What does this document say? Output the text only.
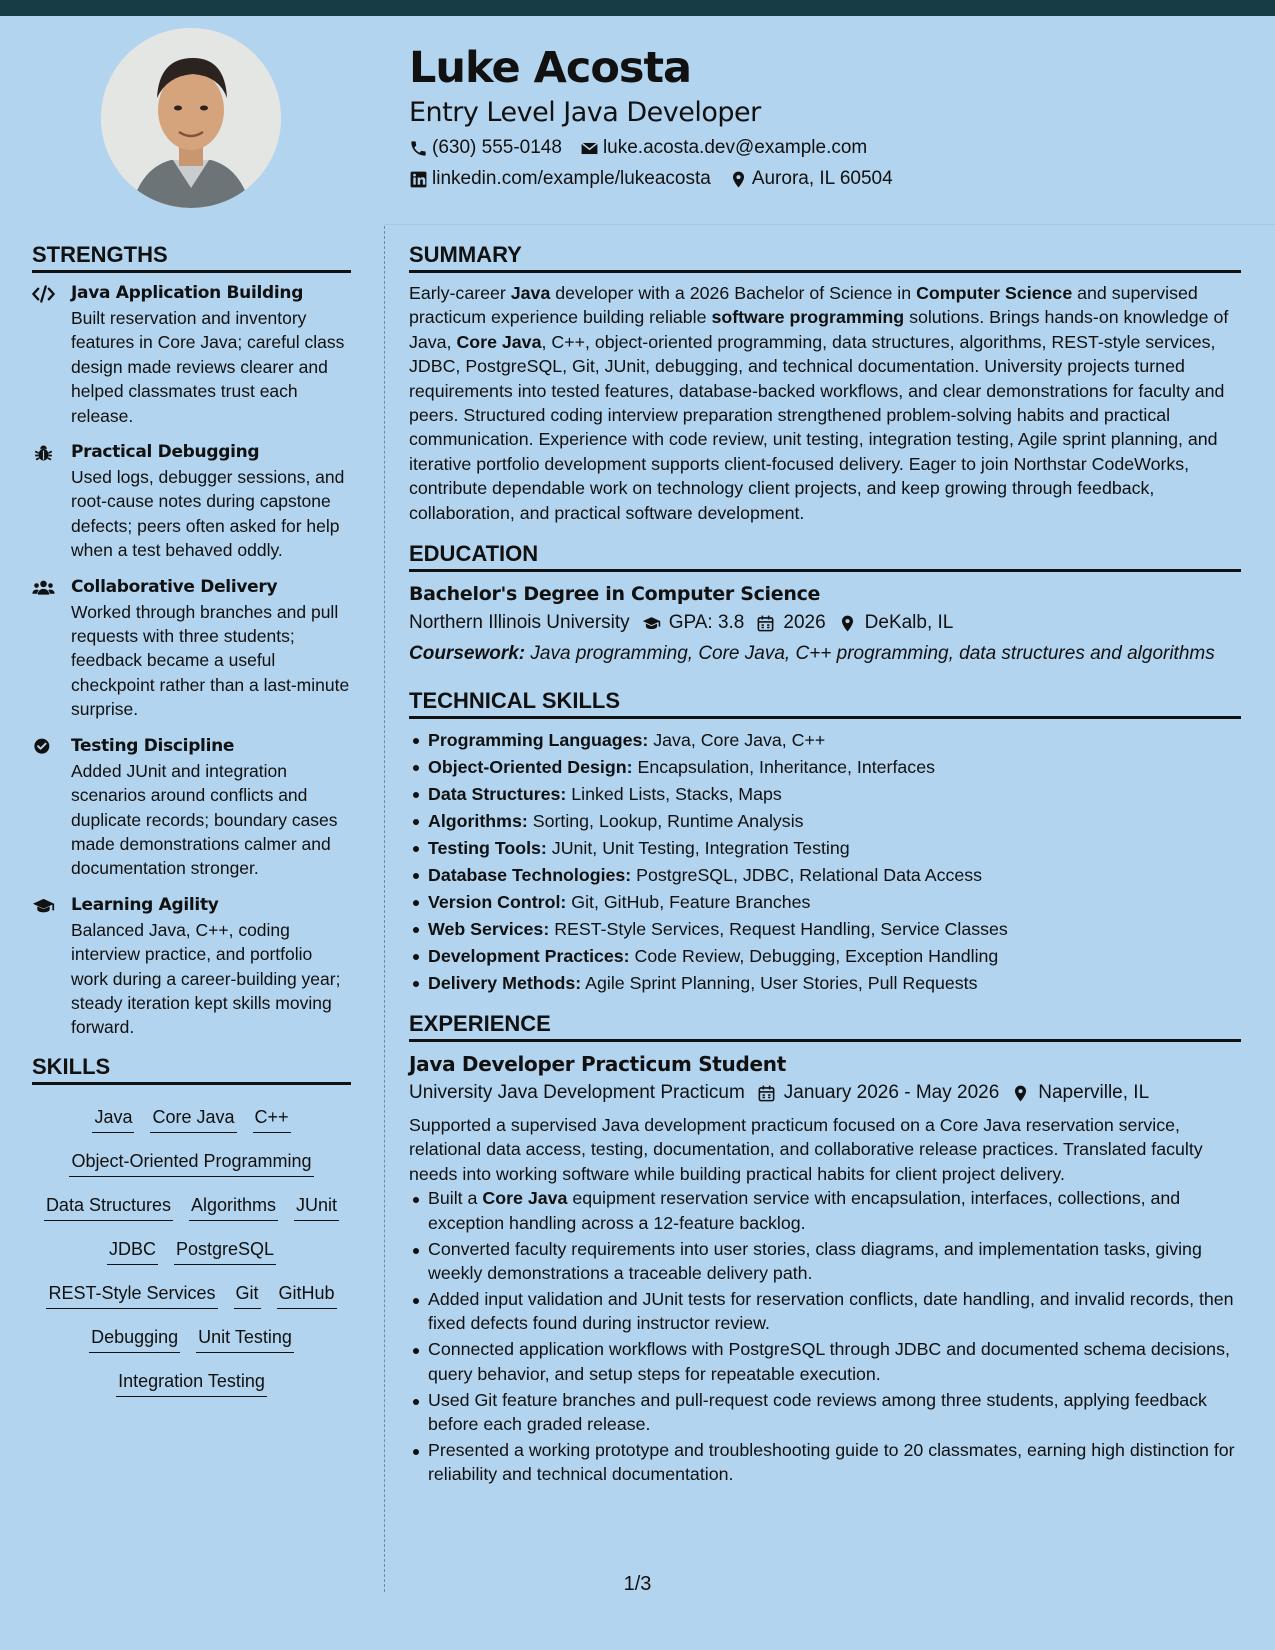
Luke Acosta
Entry Level Java Developer
(630) 555-0148 luke.acosta.dev@example.com
linkedin.com/example/lukeacosta Aurora, IL 60504
STRENGTHS
Java Application Building
Built reservation and inventory features in Core Java; careful class design made reviews clearer and helped classmates trust each release.
Practical Debugging
Used logs, debugger sessions, and root-cause notes during capstone defects; peers often asked for help when a test behaved oddly.
Collaborative Delivery
Worked through branches and pull requests with three students; feedback became a useful checkpoint rather than a last-minute surprise.
Testing Discipline
Added JUnit and integration scenarios around conflicts and duplicate records; boundary cases made demonstrations calmer and documentation stronger.
Learning Agility
Balanced Java, C++, coding interview practice, and portfolio work during a career-building year; steady iteration kept skills moving forward.
SKILLS
Java Core Java C++
Object-Oriented Programming
Data Structures Algorithms JUnit
JDBC PostgreSQL
REST-Style Services Git GitHub
Debugging Unit Testing
Integration Testing
SUMMARY
Early-career Java developer with a 2026 Bachelor of Science in Computer Science and supervised practicum experience building reliable software programming solutions. Brings hands-on knowledge of Java, Core Java, C++, object-oriented programming, data structures, algorithms, REST-style services, JDBC, PostgreSQL, Git, JUnit, debugging, and technical documentation. University projects turned requirements into tested features, database-backed workflows, and clear demonstrations for faculty and peers. Structured coding interview preparation strengthened problem-solving habits and practical communication. Experience with code review, unit testing, integration testing, Agile sprint planning, and iterative portfolio development supports client-focused delivery. Eager to join Northstar CodeWorks, contribute dependable work on technology client projects, and keep growing through feedback, collaboration, and practical software development.
EDUCATION
Bachelor's Degree in Computer Science
Northern Illinois University GPA: 3.8 2026 DeKalb, IL
Coursework: Java programming, Core Java, C++ programming, data structures and algorithms
TECHNICAL SKILLS
Programming Languages: Java, Core Java, C++
Object-Oriented Design: Encapsulation, Inheritance, Interfaces
Data Structures: Linked Lists, Stacks, Maps
Algorithms: Sorting, Lookup, Runtime Analysis
Testing Tools: JUnit, Unit Testing, Integration Testing
Database Technologies: PostgreSQL, JDBC, Relational Data Access
Version Control: Git, GitHub, Feature Branches
Web Services: REST-Style Services, Request Handling, Service Classes
Development Practices: Code Review, Debugging, Exception Handling
Delivery Methods: Agile Sprint Planning, User Stories, Pull Requests
EXPERIENCE
Java Developer Practicum Student
University Java Development Practicum January 2026 - May 2026 Naperville, IL
Supported a supervised Java development practicum focused on a Core Java reservation service, relational data access, testing, documentation, and collaborative release practices. Translated faculty needs into working software while building practical habits for client project delivery.
Built a Core Java equipment reservation service with encapsulation, interfaces, collections, and exception handling across a 12-feature backlog.
Converted faculty requirements into user stories, class diagrams, and implementation tasks, giving weekly demonstrations a traceable delivery path.
Added input validation and JUnit tests for reservation conflicts, date handling, and invalid records, then fixed defects found during instructor review.
Connected application workflows with PostgreSQL through JDBC and documented schema decisions, query behavior, and setup steps for repeatable execution.
Used Git feature branches and pull-request code reviews among three students, applying feedback before each graded release.
Presented a working prototype and troubleshooting guide to 20 classmates, earning high distinction for reliability and technical documentation.
1/3
